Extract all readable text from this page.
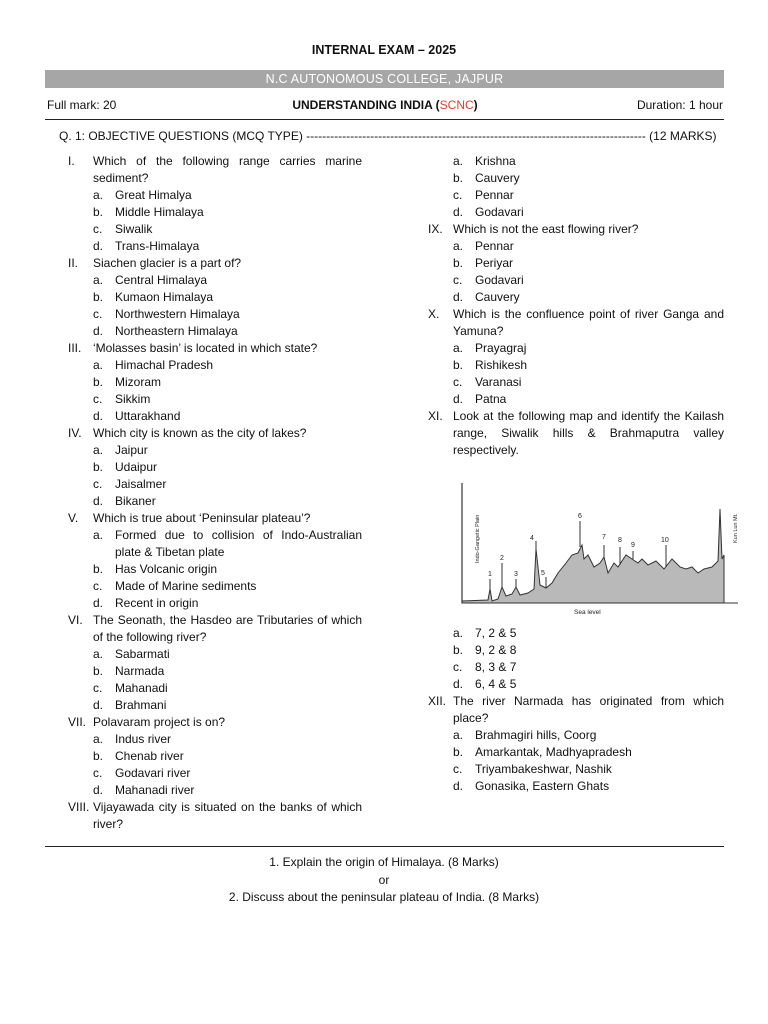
INTERNAL EXAM – 2025
N.C AUTONOMOUS COLLEGE, JAJPUR
Full mark: 20	UNDERSTANDING INDIA (SCNC)	Duration: 1 hour
Q. 1: OBJECTIVE QUESTIONS (MCQ TYPE) ------------------------------------------------------------------------------------- (12 MARKS)
I. Which of the following range carries marine sediment?
a. Great Himalya
b. Middle Himalaya
c. Siwalik
d. Trans-Himalaya
II. Siachen glacier is a part of?
a. Central Himalaya
b. Kumaon Himalaya
c. Northwestern Himalaya
d. Northeastern Himalaya
III. ‘Molasses basin’ is located in which state?
a. Himachal Pradesh
b. Mizoram
c. Sikkim
d. Uttarakhand
IV. Which city is known as the city of lakes?
a. Jaipur
b. Udaipur
c. Jaisalmer
d. Bikaner
V. Which is true about ‘Peninsular plateau’?
a. Formed due to collision of Indo-Australian plate & Tibetan plate
b. Has Volcanic origin
c. Made of Marine sediments
d. Recent in origin
VI. The Seonath, the Hasdeo are Tributaries of which of the following river?
a. Sabarmati
b. Narmada
c. Mahanadi
d. Brahmani
VII. Polavaram project is on?
a. Indus river
b. Chenab river
c. Godavari river
d. Mahanadi river
VIII. Vijayawada city is situated on the banks of which river?
a. Krishna
b. Cauvery
c. Pennar
d. Godavari
IX. Which is not the east flowing river?
a. Pennar
b. Periyar
c. Godavari
d. Cauvery
X. Which is the confluence point of river Ganga and Yamuna?
a. Prayagraj
b. Rishikesh
c. Varanasi
d. Patna
XI. Look at the following map and identify the Kailash range, Siwalik hills & Brahmaputra valley respectively.
1
2
3
4
5
6
7 8
9
10
Sea level
Indo-Gangetic Plain	Kun Lun Mt.
a. 7, 2 & 5
b. 9, 2 & 8
c. 8, 3 & 7
d. 6, 4 & 5
XII. The river Narmada has originated from which place?
a. Brahmagiri hills, Coorg
b. Amarkantak, Madhyapradesh
c. Triyambakeshwar, Nashik
d. Gonasika, Eastern Ghats
1. Explain the origin of Himalaya. (8 Marks)
or
2. Discuss about the peninsular plateau of India. (8 Marks)
